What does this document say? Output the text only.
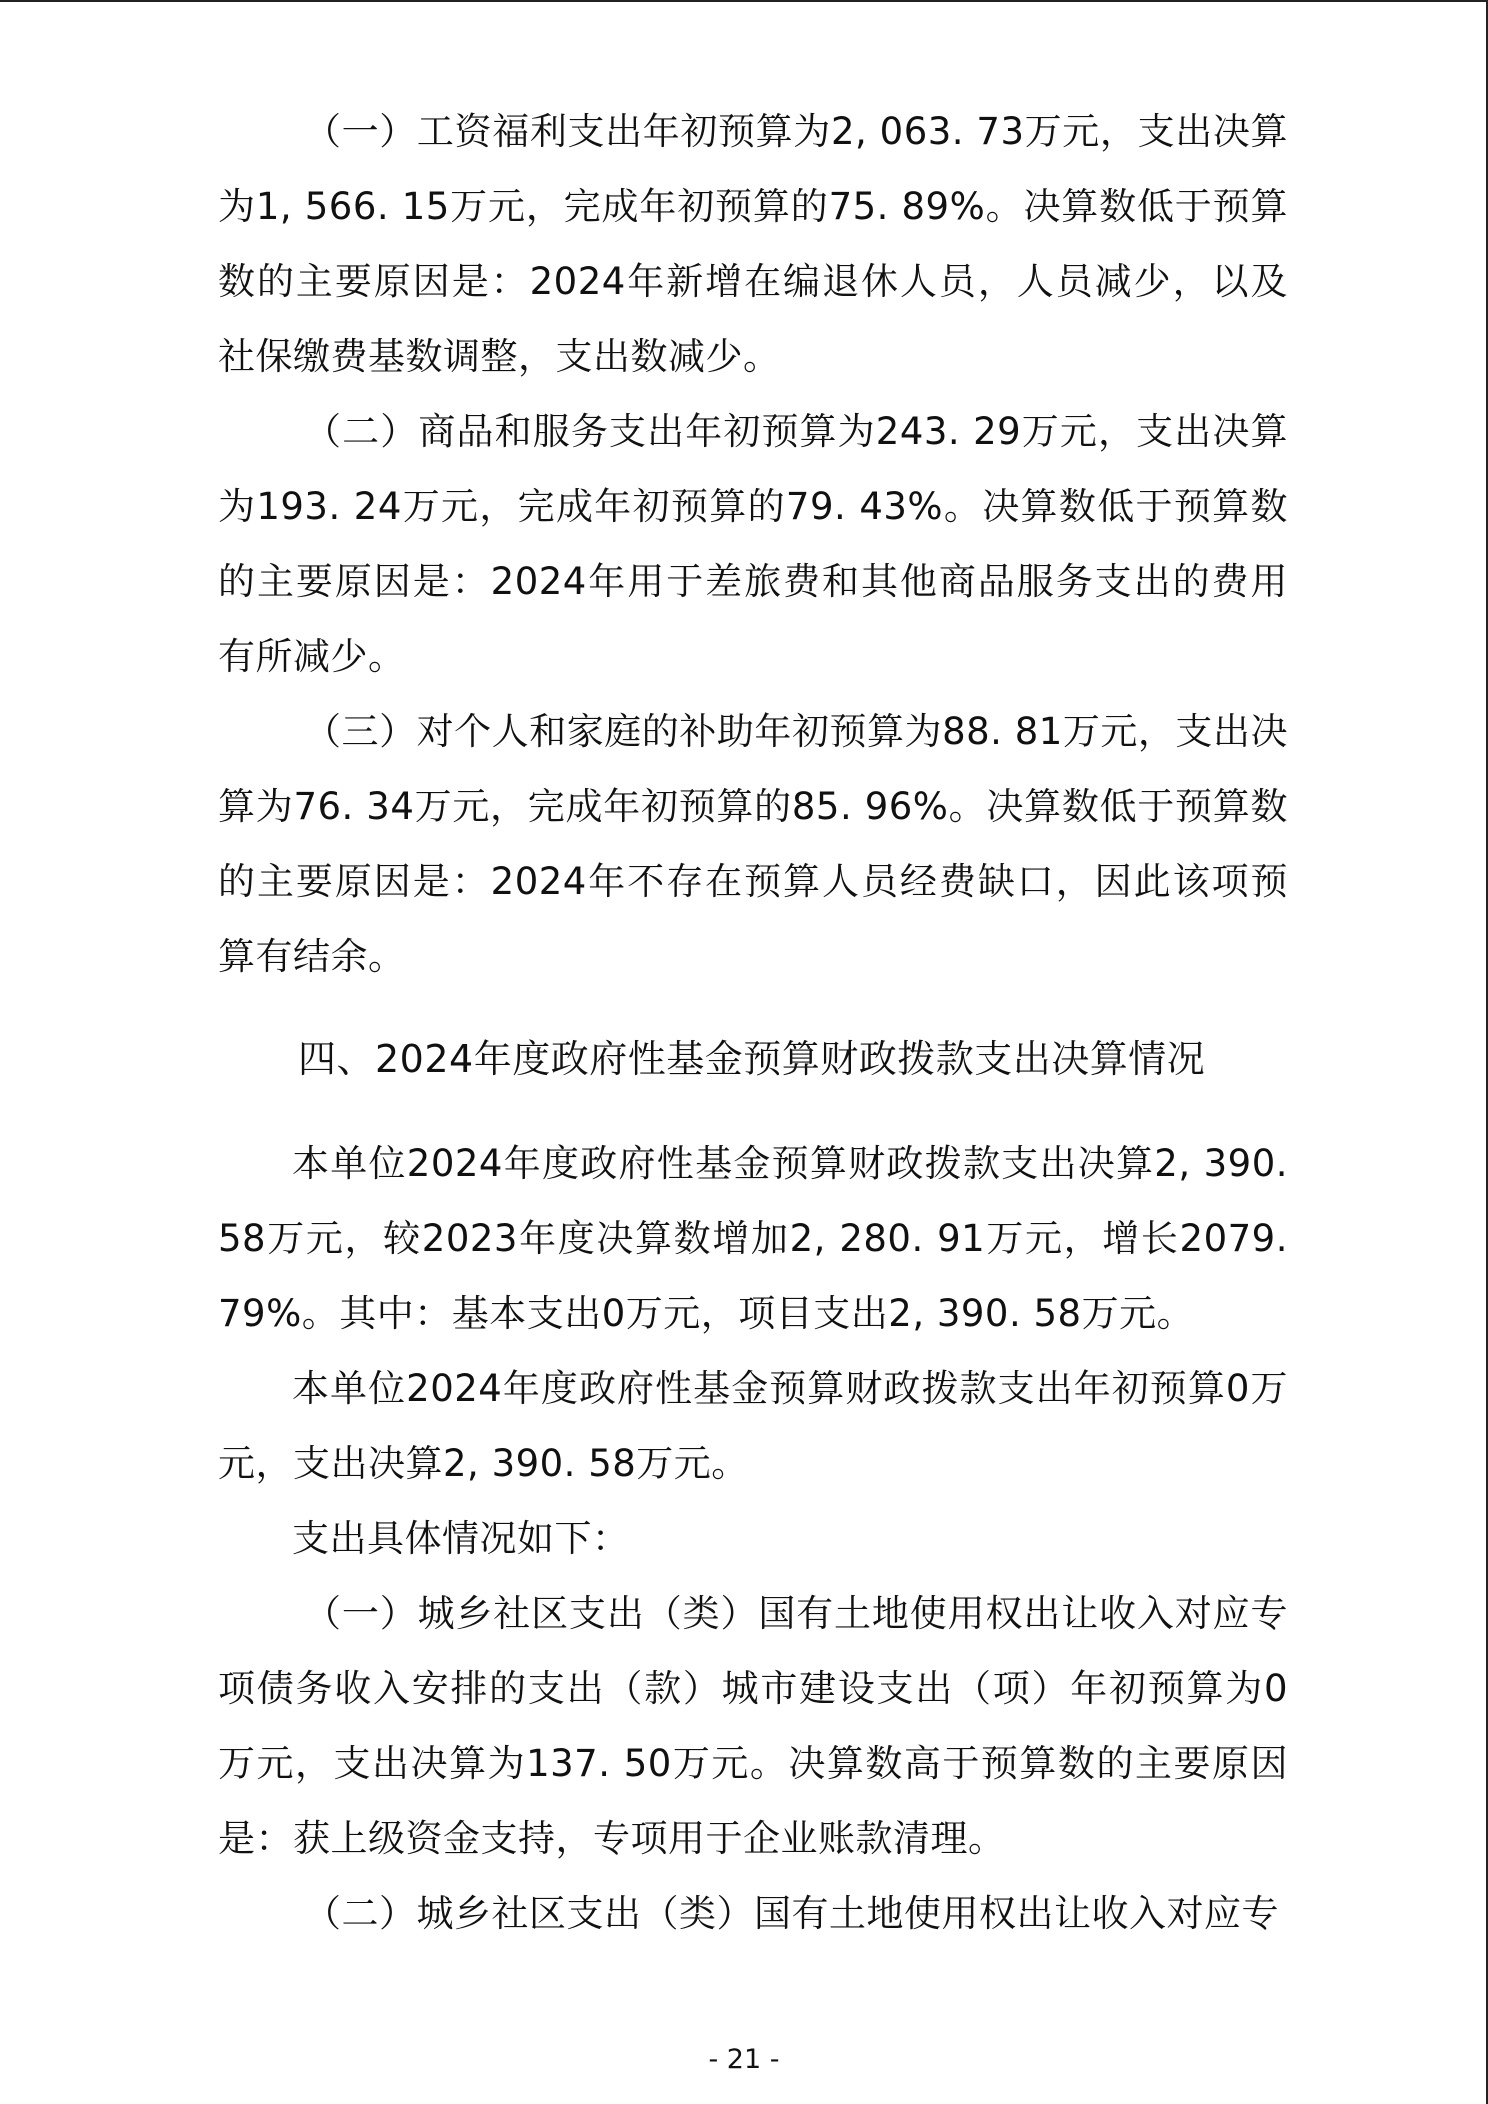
（一）工资福利支出年初预算为2, 063. 73万元，支出决算为1, 566. 15万元，完成年初预算的75. 89%。决算数低于预算数的主要原因是：2024年新增在编退休人员，人员减少，以及社保缴费基数调整，支出数减少。

（二）商品和服务支出年初预算为243. 29万元，支出决算为193. 24万元，完成年初预算的79. 43%。决算数低于预算数的主要原因是：2024年用于差旅费和其他商品服务支出的费用有所减少。

（三）对个人和家庭的补助年初预算为88. 81万元，支出决算为76. 34万元，完成年初预算的85. 96%。决算数低于预算数的主要原因是：2024年不存在预算人员经费缺口，因此该项预算有结余。

四、2024年度政府性基金预算财政拨款支出决算情况

本单位2024年度政府性基金预算财政拨款支出决算2, 390. 58万元，较2023年度决算数增加2, 280. 91万元，增长2079. 79%。其中：基本支出0万元，项目支出2, 390. 58万元。

本单位2024年度政府性基金预算财政拨款支出年初预算0万元，支出决算2, 390. 58万元。

支出具体情况如下：

（一）城乡社区支出（类）国有土地使用权出让收入对应专项债务收入安排的支出（款）城市建设支出（项）年初预算为0万元，支出决算为137. 50万元。决算数高于预算数的主要原因是：获上级资金支持，专项用于企业账款清理。

（二）城乡社区支出（类）国有土地使用权出让收入对应专

- 21 -
